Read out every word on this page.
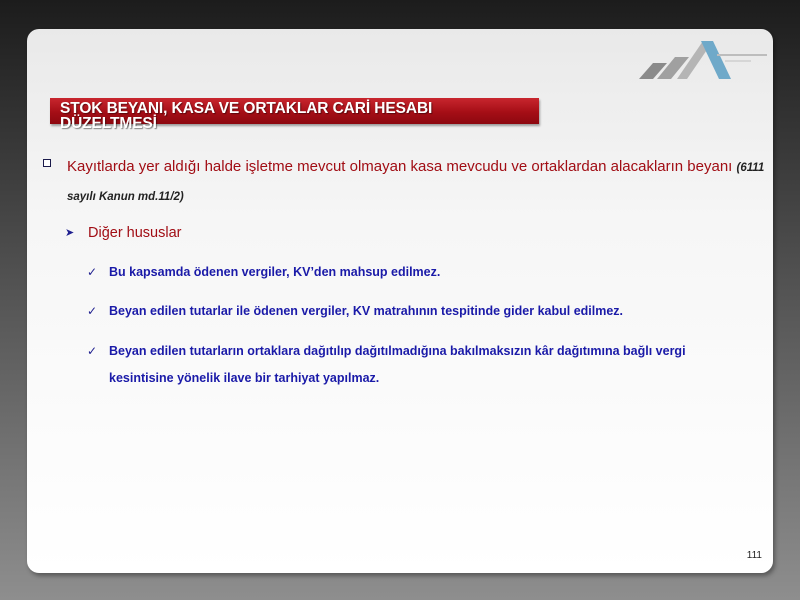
STOK BEYANI, KASA VE ORTAKLAR CARİ HESABI DÜZELTMESİ
Kayıtlarda yer aldığı halde işletme mevcut olmayan kasa mevcudu ve ortaklardan alacakların beyanı (6111 sayılı Kanun md.11/2)
➤ Diğer hususlar
✓ Bu kapsamda ödenen vergiler, KV’den mahsup edilmez.
✓ Beyan edilen tutarlar ile ödenen vergiler, KV matrahının tespitinde gider kabul edilmez.
✓ Beyan edilen tutarların ortaklara dağıtılıp dağıtılmadığına bakılmaksızın kâr dağıtımına bağlı vergi kesintisine yönelik ilave bir tarhiyat yapılmaz.
111
